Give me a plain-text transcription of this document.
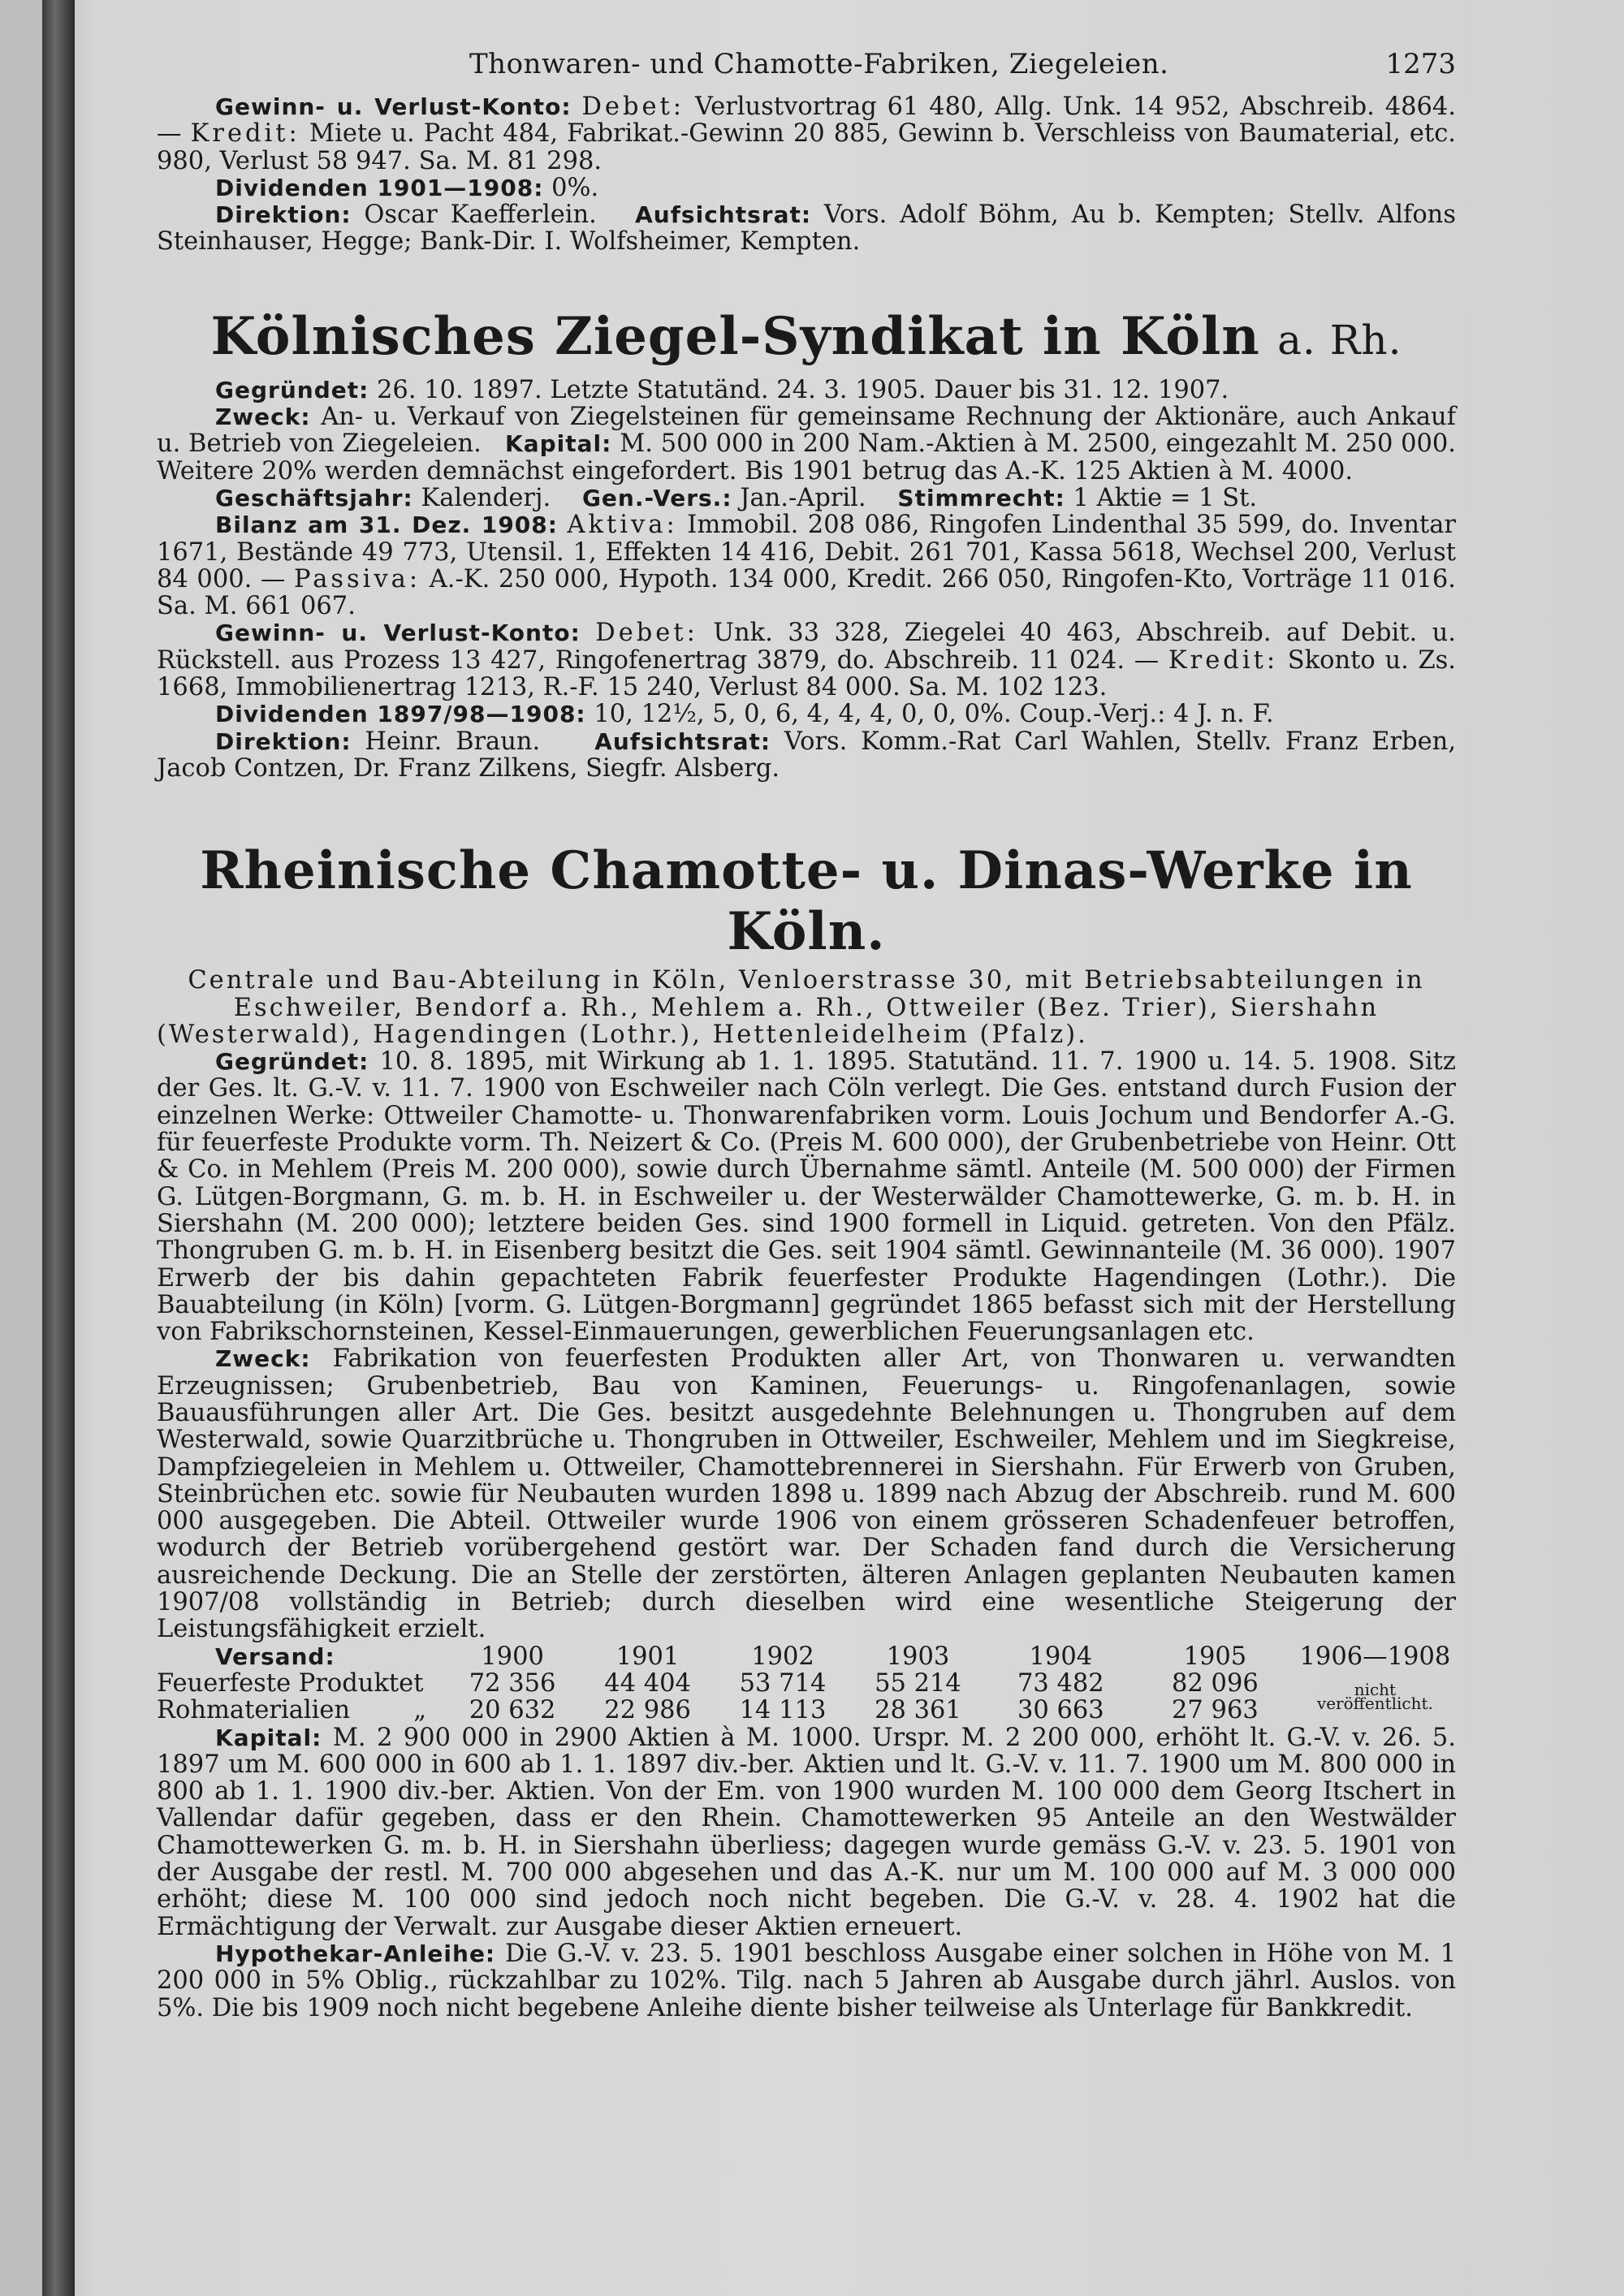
Thonwaren- und Chamotte-Fabriken, Ziegeleien.	1273

Gewinn- u. Verlust-Konto: Debet: Verlustvortrag 61 480, Allg. Unk. 14 952, Abschreib. 4864. — Kredit: Miete u. Pacht 484, Fabrikat.-Gewinn 20 885, Gewinn b. Verschleiss von Baumaterial, etc. 980, Verlust 58 947. Sa. M. 81 298.

Dividenden 1901—1908: 0%.

Direktion: Oscar Kaefferlein. Aufsichtsrat: Vors. Adolf Böhm, Au b. Kempten; Stellv. Alfons Steinhauser, Hegge; Bank-Dir. I. Wolfsheimer, Kempten.

Kölnisches Ziegel-Syndikat in Köln a. Rh.

Gegründet: 26. 10. 1897. Letzte Statutänd. 24. 3. 1905. Dauer bis 31. 12. 1907.

Zweck: An- u. Verkauf von Ziegelsteinen für gemeinsame Rechnung der Aktionäre, auch Ankauf u. Betrieb von Ziegeleien. Kapital: M. 500 000 in 200 Nam.-Aktien à M. 2500, eingezahlt M. 250 000. Weitere 20% werden demnächst eingefordert. Bis 1901 betrug das A.-K. 125 Aktien à M. 4000.

Geschäftsjahr: Kalenderj. Gen.-Vers.: Jan.-April. Stimmrecht: 1 Aktie = 1 St.

Bilanz am 31. Dez. 1908: Aktiva: Immobil. 208 086, Ringofen Lindenthal 35 599, do. Inventar 1671, Bestände 49 773, Utensil. 1, Effekten 14 416, Debit. 261 701, Kassa 5618, Wechsel 200, Verlust 84 000. — Passiva: A.-K. 250 000, Hypoth. 134 000, Kredit. 266 050, Ringofen-Kto, Vorträge 11 016. Sa. M. 661 067.

Gewinn- u. Verlust-Konto: Debet: Unk. 33 328, Ziegelei 40 463, Abschreib. auf Debit. u. Rückstell. aus Prozess 13 427, Ringofenertrag 3879, do. Abschreib. 11 024. — Kredit: Skonto u. Zs. 1668, Immobilienertrag 1213, R.-F. 15 240, Verlust 84 000. Sa. M. 102 123.

Dividenden 1897/98—1908: 10, 12½, 5, 0, 6, 4, 4, 4, 0, 0, 0%. Coup.-Verj.: 4 J. n. F.

Direktion: Heinr. Braun. Aufsichtsrat: Vors. Komm.-Rat Carl Wahlen, Stellv. Franz Erben, Jacob Contzen, Dr. Franz Zilkens, Siegfr. Alsberg.

Rheinische Chamotte- u. Dinas-Werke in Köln.

Centrale und Bau-Abteilung in Köln, Venloerstrasse 30, mit Betriebsabteilungen in Eschweiler, Bendorf a. Rh., Mehlem a. Rh., Ottweiler (Bez. Trier), Siershahn (Westerwald), Hagendingen (Lothr.), Hettenleidelheim (Pfalz).

Gegründet: 10. 8. 1895, mit Wirkung ab 1. 1. 1895. Statutänd. 11. 7. 1900 u. 14. 5. 1908. Sitz der Ges. lt. G.-V. v. 11. 7. 1900 von Eschweiler nach Cöln verlegt. Die Ges. entstand durch Fusion der einzelnen Werke: Ottweiler Chamotte- u. Thonwarenfabriken vorm. Louis Jochum und Bendorfer A.-G. für feuerfeste Produkte vorm. Th. Neizert & Co. (Preis M. 600 000), der Grubenbetriebe von Heinr. Ott & Co. in Mehlem (Preis M. 200 000), sowie durch Übernahme sämtl. Anteile (M. 500 000) der Firmen G. Lütgen-Borgmann, G. m. b. H. in Eschweiler u. der Westerwälder Chamottewerke, G. m. b. H. in Siershahn (M. 200 000); letztere beiden Ges. sind 1900 formell in Liquid. getreten. Von den Pfälz. Thongruben G. m. b. H. in Eisenberg besitzt die Ges. seit 1904 sämtl. Gewinnanteile (M. 36 000). 1907 Erwerb der bis dahin gepachteten Fabrik feuerfester Produkte Hagendingen (Lothr.). Die Bauabteilung (in Köln) [vorm. G. Lütgen-Borgmann] gegründet 1865 befasst sich mit der Herstellung von Fabrikschornsteinen, Kessel-Einmauerungen, gewerblichen Feuerungsanlagen etc.

Zweck: Fabrikation von feuerfesten Produkten aller Art, von Thonwaren u. verwandten Erzeugnissen; Grubenbetrieb, Bau von Kaminen, Feuerungs- u. Ringofenanlagen, sowie Bauausführungen aller Art. Die Ges. besitzt ausgedehnte Belehnungen u. Thongruben auf dem Westerwald, sowie Quarzitbrüche u. Thongruben in Ottweiler, Eschweiler, Mehlem und im Siegkreise, Dampfziegeleien in Mehlem u. Ottweiler, Chamottebrennerei in Siershahn. Für Erwerb von Gruben, Steinbrüchen etc. sowie für Neubauten wurden 1898 u. 1899 nach Abzug der Abschreib. rund M. 600 000 ausgegeben. Die Abteil. Ottweiler wurde 1906 von einem grösseren Schadenfeuer betroffen, wodurch der Betrieb vorübergehend gestört war. Der Schaden fand durch die Versicherung ausreichende Deckung. Die an Stelle der zerstörten, älteren Anlagen geplanten Neubauten kamen 1907/08 vollständig in Betrieb; durch dieselben wird eine wesentliche Steigerung der Leistungsfähigkeit erzielt.

Versand:		1900	1901	1902	1903	1904	1905	1906—1908
Feuerfeste Produkte	t	72 356	44 404	53 714	55 214	73 482	82 096	nicht veröffentlicht.
Rohmaterialien	„	20 632	22 986	14 113	28 361	30 663	27 963	

Kapital: M. 2 900 000 in 2900 Aktien à M. 1000. Urspr. M. 2 200 000, erhöht lt. G.-V. v. 26. 5. 1897 um M. 600 000 in 600 ab 1. 1. 1897 div.-ber. Aktien und lt. G.-V. v. 11. 7. 1900 um M. 800 000 in 800 ab 1. 1. 1900 div.-ber. Aktien. Von der Em. von 1900 wurden M. 100 000 dem Georg Itschert in Vallendar dafür gegeben, dass er den Rhein. Chamottewerken 95 Anteile an den Westwälder Chamottewerken G. m. b. H. in Siershahn überliess; dagegen wurde gemäss G.-V. v. 23. 5. 1901 von der Ausgabe der restl. M. 700 000 abgesehen und das A.-K. nur um M. 100 000 auf M. 3 000 000 erhöht; diese M. 100 000 sind jedoch noch nicht begeben. Die G.-V. v. 28. 4. 1902 hat die Ermächtigung der Verwalt. zur Ausgabe dieser Aktien erneuert.

Hypothekar-Anleihe: Die G.-V. v. 23. 5. 1901 beschloss Ausgabe einer solchen in Höhe von M. 1 200 000 in 5% Oblig., rückzahlbar zu 102%. Tilg. nach 5 Jahren ab Ausgabe durch jährl. Auslos. von 5%. Die bis 1909 noch nicht begebene Anleihe diente bisher teilweise als Unterlage für Bankkredit.
